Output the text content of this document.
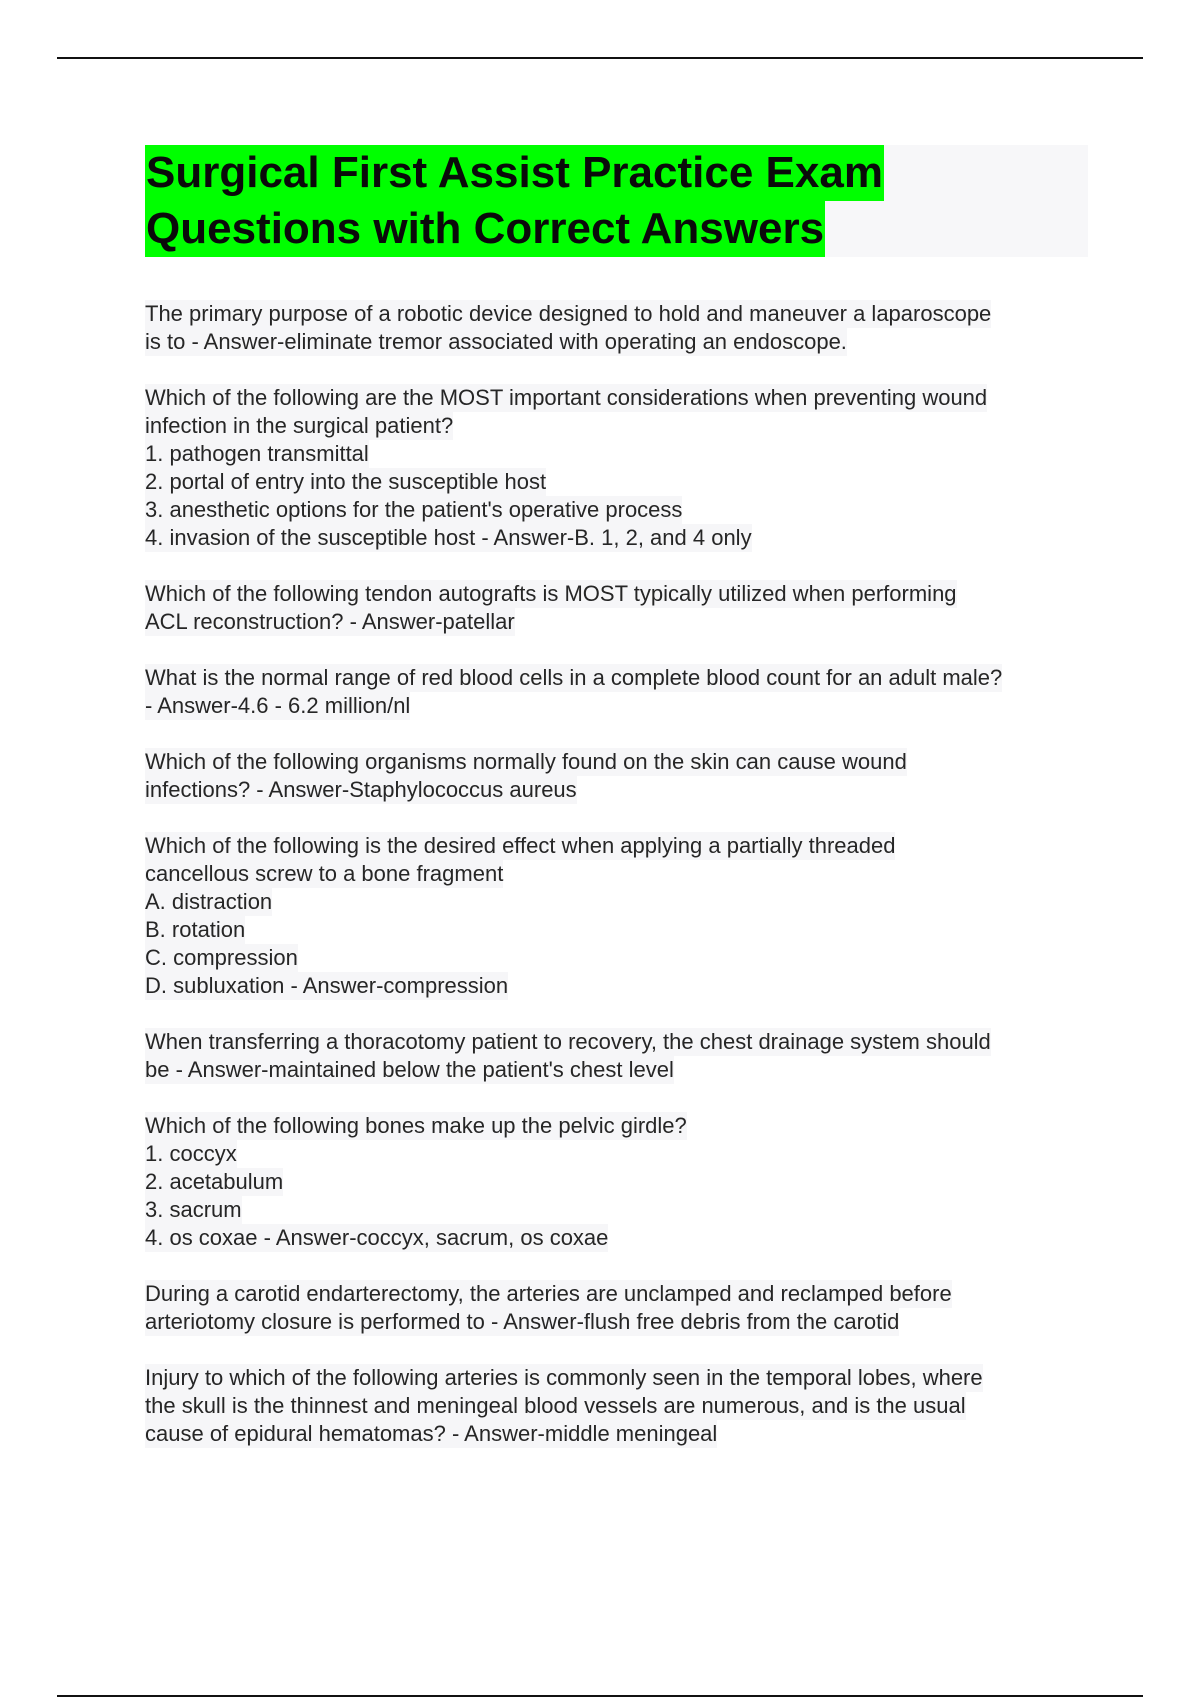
Surgical First Assist Practice Exam
Questions with Correct Answers
The primary purpose of a robotic device designed to hold and maneuver a laparoscope
is to - Answer-eliminate tremor associated with operating an endoscope.
Which of the following are the MOST important considerations when preventing wound
infection in the surgical patient?
1. pathogen transmittal
2. portal of entry into the susceptible host
3. anesthetic options for the patient's operative process
4. invasion of the susceptible host - Answer-B. 1, 2, and 4 only
Which of the following tendon autografts is MOST typically utilized when performing
ACL reconstruction? - Answer-patellar
What is the normal range of red blood cells in a complete blood count for an adult male?
- Answer-4.6 - 6.2 million/nl
Which of the following organisms normally found on the skin can cause wound
infections? - Answer-Staphylococcus aureus
Which of the following is the desired effect when applying a partially threaded
cancellous screw to a bone fragment
A. distraction
B. rotation
C. compression
D. subluxation - Answer-compression
When transferring a thoracotomy patient to recovery, the chest drainage system should
be - Answer-maintained below the patient's chest level
Which of the following bones make up the pelvic girdle?
1. coccyx
2. acetabulum
3. sacrum
4. os coxae - Answer-coccyx, sacrum, os coxae
During a carotid endarterectomy, the arteries are unclamped and reclamped before
arteriotomy closure is performed to - Answer-flush free debris from the carotid
Injury to which of the following arteries is commonly seen in the temporal lobes, where
the skull is the thinnest and meningeal blood vessels are numerous, and is the usual
cause of epidural hematomas? - Answer-middle meningeal
